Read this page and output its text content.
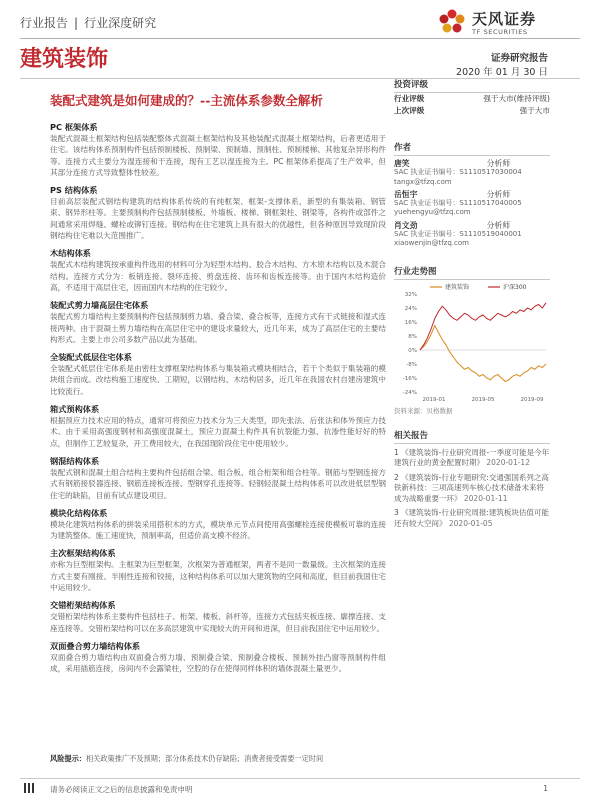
行业报告 | 行业深度研究	天风证券
TF SECURITIES
建筑装饰	证券研究报告
2020 年 01 月 30 日
装配式建筑是如何建成的？--主流体系参数全解析
PC 框架体系

装配式混凝土框架结构包括装配整体式混凝土框架结构及其他装配式混凝土框架结构，后者更适用于住宅。该结构体系预制构件包括预制楼板、预制梁、预制墙、预制柱、预制楼梯、其他复杂异形构件等。连接方式主要分为湿连接和干连接，现有工艺以湿连接为主。PC 框架体系提高了生产效率，但其部分连接方式导致整体性较差。

PS 结构体系

目前高层装配式钢结构建筑的结构体系传统的有纯框架、框架-支撑体系，新型的有集装箱、钢管束、钢异形柱等。主要预制构件包括预制楼板、外墙板、楼梯、钢框架柱、钢梁等，各构件或部件之间通常采用焊缝、螺栓或铆钉连接。钢结构在住宅建筑上具有很大的优越性，但各种原因导致现阶段钢结构住宅难以大范围推广。

木结构体系

装配式木结构建筑按承重构件选用的材料可分为轻型木结构、胶合木结构、方木原木结构以及木混合结构。连接方式分为：板销连接、裂环连接、剪盘连接、齿环和齿板连接等。由于国内木结构造价高，不适用于高层住宅，因而国内木结构的住宅较少。

装配式剪力墙高层住宅体系

装配式剪力墙结构主要预制构件包括预制剪力墙、叠合梁、叠合板等，连接方式有干式链接和湿式连接两种。由于混凝土剪力墙结构在高层住宅中的建设求量较大，近几年来，成为了高层住宅的主要结构形式。主要上市公司多数产品以此为基础。

全装配式低层住宅体系

全装配式低层住宅体系是由密柱支撑框架结构体系与集装箱式模块相结合，若干个类似于集装箱的模块组合而成。改结构施工速度快、工期短，以钢结构、木结构居多，近几年在我国农村自建房建筑中比较流行。

箱式预构体系

根据预应力技术应用的特点，通常可将预应力技术分为三大类型，即先张法、后张法和体外预应力技术。由于采用高强度钢材和高强度混凝土，预应力混凝土构件具有抗裂能力强、抗渗性能好好的特点，但制作工艺较复杂，开工费用较大，在我国现阶段住宅中使用较少。

钢混结构体系

装配式钢和混凝土组合结构主要构件包括组合梁、组合板、组合桁架和组合柱等。钢筋与型钢连接方式有钢筋接驳器连接、钢筋连接板连接、型钢穿孔连接等。轻钢轻混凝土结构体系可以改进低层型钢住宅的缺陷，目前有试点建设项目。

模块化结构体系

模块化建筑结构体系的拼装采用搭积木的方式，模块单元节点间使用高强螺栓连接使模板可靠的连接为建筑整体。施工速度快，预制率高，但适价高支模不经济。

主次框架结构体系

亦称为巨型框架构。主框架为巨型框架，次框架为普通框架，两者不是同一数量级。主次框架的连接方式主要有刚接、半刚性连接和铰接，这种结构体系可以加大建筑物的空间和高度，但目前我国住宅中运用较少。

交错桁架结构体系

交错桁架结构体系主要构件包括柱子、桁架、楼板、斜杆等，连接方式包括夹板连接、廓撑连接、支座连接等。交错桁架结构可以在多高层建筑中实现较大的开间和进深，但目前我国住宅中运用较少。

双面叠合剪力墙结构体系

双面叠合剪力墙结构由双面叠合剪力墙、预制叠合梁、预制叠合楼板、预制外挂凸窗等预制构件组成，采用插筋连接，房间内不会露梁柱，空腔的存在使得同样体积的墙体混凝土量更少。

风险提示：相关政策推广不及预期；部分体系技术仍存缺陷；消费者接受需要一定时间
投资评级
行业评级	强于大市(维持评级)
上次评级	强于大市
作者
唐笑	分析师
SAC 执业证书编号：S1110517030004
tangx@tfzq.com
岳恒宇	分析师
SAC 执业证书编号：S1110517040005
yuehengyu@tfzq.com
肖文劲	分析师
SAC 执业证书编号：S1110519040001
xiaowenjin@tfzq.com
行业走势图
32%
24%
16%
8%
0%
-8%
-16%
-24%
2019-01	2019-05	2019-09
建筑装饰	沪深300
资料来源：贝格数据
相关报告
1 《建筑装饰-行业研究周报-一季度可能是今年建筑行业的黄金配置时期》 2020-01-12
2 《建筑装饰-行业专题研究:交通强国系列之高铁新科技：三项高速列车核心技术储备未来将成为战略重要一环》 2020-01-11
3 《建筑装饰-行业研究周报:建筑板块估值可能还有较大空间》 2020-01-05
请务必阅读正文之后的信息披露和免责申明	1
